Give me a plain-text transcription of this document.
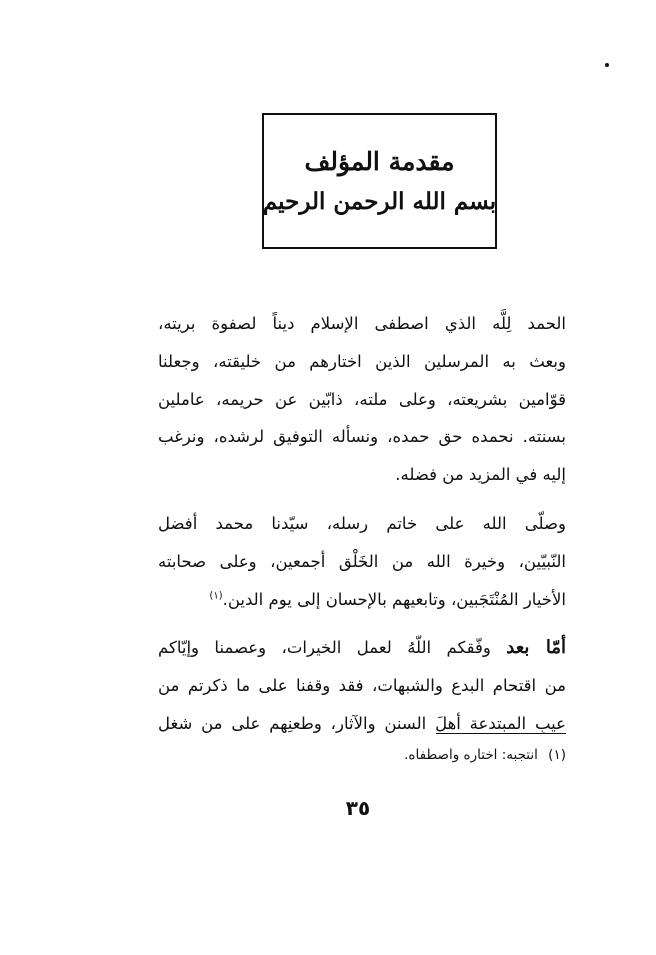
مقدمة المؤلف
بسم الله الرحمن الرحيم

الحمد لِلَّه الذي اصطفى الإسلام ديناً لصفوة بريته،
وبعث به المرسلين الذين اختارهم من خليقته، وجعلنا
قوّامين بشريعته، وعلى ملته، ذابّين عن حريمه، عاملين
بسنته. نحمده حق حمده، ونسأله التوفيق لرشده، ونرغب
إليه في المزيد من فضله.

وصلّى الله على خاتم رسله، سيّدنا محمد أفضل
النّبيّين، وخيرة الله من الخَلْق أجمعين، وعلى صحابته
الأخيار المُنْتَجَبين، وتابعيهم بالإحسان إلى يوم الدين.$^{(١)}$

أمّا بعد وفّقكم اللّهُ لعمل الخيرات، وعصمنا وإيّاكم
من اقتحام البدع والشبهات، فقد وقفنا على ما ذكرتم من
عيبِ المبتدعة أهلَ السنن والآثار، وطعنِهم على من شغل

(١) انتجبه: اختاره واصطفاه.
٣٥
